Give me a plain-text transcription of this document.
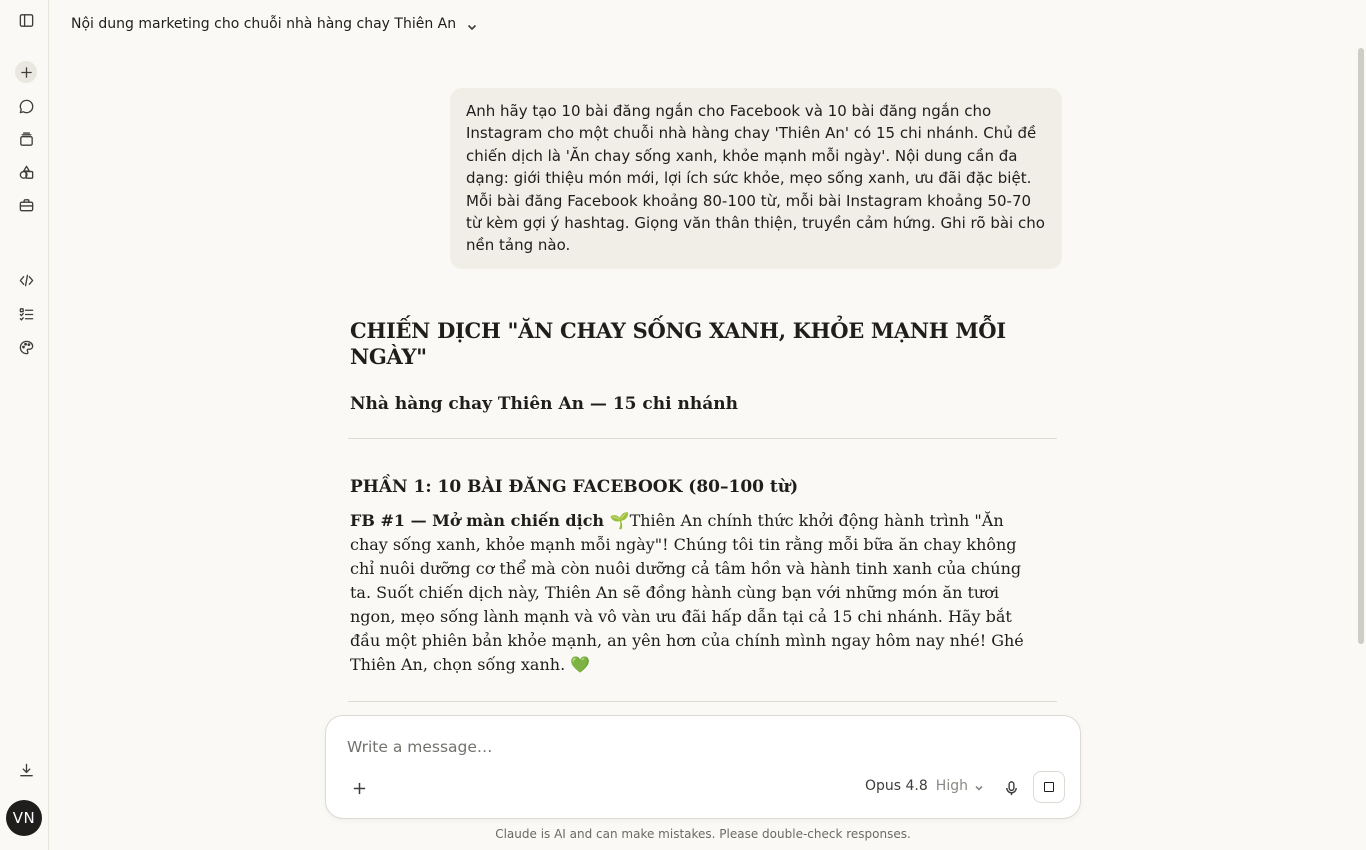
VN
Nội dung marketing cho chuỗi nhà hàng chay Thiên An
Anh hãy tạo 10 bài đăng ngắn cho Facebook và 10 bài đăng ngắn cho Instagram cho một chuỗi nhà hàng chay 'Thiên An' có 15 chi nhánh. Chủ đề chiến dịch là 'Ăn chay sống xanh, khỏe mạnh mỗi ngày'. Nội dung cần đa dạng: giới thiệu món mới, lợi ích sức khỏe, mẹo sống xanh, ưu đãi đặc biệt. Mỗi bài đăng Facebook khoảng 80-100 từ, mỗi bài Instagram khoảng 50-70 từ kèm gợi ý hashtag. Giọng văn thân thiện, truyền cảm hứng. Ghi rõ bài cho nền tảng nào.
CHIẾN DỊCH "ĂN CHAY SỐNG XANH, KHỎE MẠNH MỖI NGÀY"
Nhà hàng chay Thiên An — 15 chi nhánh
PHẦN 1: 10 BÀI ĐĂNG FACEBOOK (80–100 từ)
FB #1 — Mở màn chiến dịch 🌱Thiên An chính thức khởi động hành trình "Ăn chay sống xanh, khỏe mạnh mỗi ngày"! Chúng tôi tin rằng mỗi bữa ăn chay không chỉ nuôi dưỡng cơ thể mà còn nuôi dưỡng cả tâm hồn và hành tinh xanh của chúng ta. Suốt chiến dịch này, Thiên An sẽ đồng hành cùng bạn với những món ăn tươi ngon, mẹo sống lành mạnh và vô vàn ưu đãi hấp dẫn tại cả 15 chi nhánh. Hãy bắt đầu một phiên bản khỏe mạnh, an yên hơn của chính mình ngay hôm nay nhé! Ghé Thiên An, chọn sống xanh. 💚
Write a message…
Opus 4.8 High
Claude is AI and can make mistakes. Please double-check responses.
